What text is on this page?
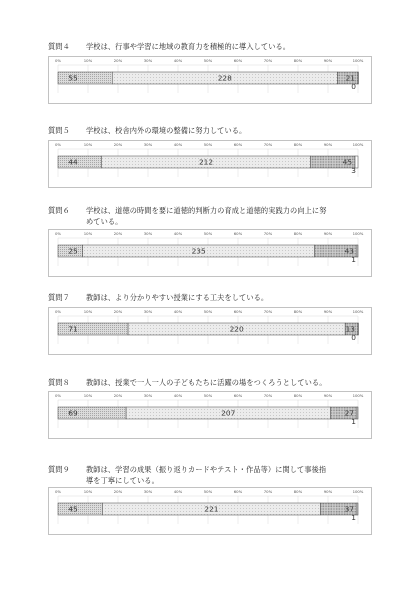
質問４ 学校は、行事や学習に地域の教育力を積極的に導入している。
質問５ 学校は、校舎内外の環境の整備に努力している。
質問６ 学校は、道徳の時間を要に道徳的判断力の育成と道徳的実践力の向上に努
めている。
質問７ 教師は、より分かりやすい授業にする工夫をしている。
質問８ 教師は、授業で一人一人の子どもたちに活躍の場をつくろうとしている。
質問９ 教師は、学習の成果（振り返りカードやテスト・作品等）に関して事後指
導を丁寧にしている。
0%	10%	20%	30%	40%	50%	60%	70%	80%	90%	100%
55	228	21
0
0%	10%	20%	30%	40%	50%	60%	70%	80%	90%	100%
44	212	45
3
0%	10%	20%	30%	40%	50%	60%	70%	80%	90%	100%
25	235	43
1
0%	10%	20%	30%	40%	50%	60%	70%	80%	90%	100%
71	220	13
0
0%	10%	20%	30%	40%	50%	60%	70%	80%	90%	100%
69	207	27
1
0%	10%	20%	30%	40%	50%	60%	70%	80%	90%	100%
45	221	37
1
